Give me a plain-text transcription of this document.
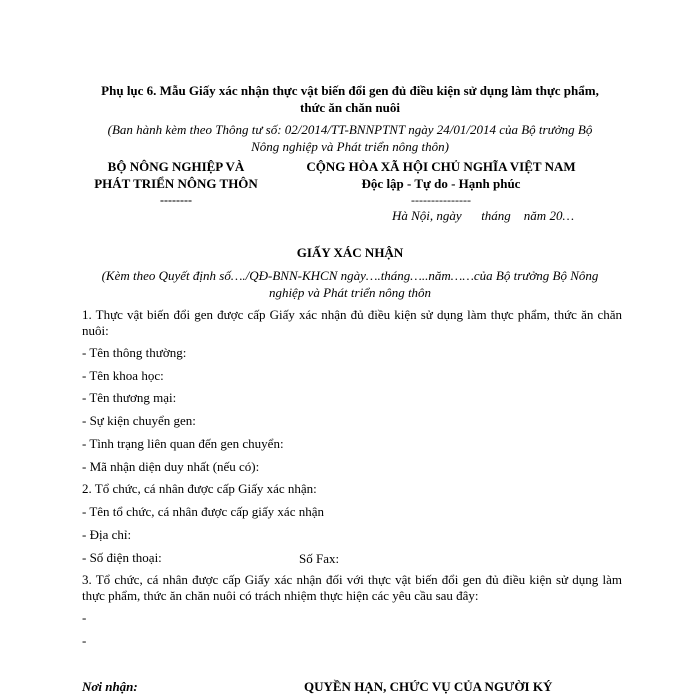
Phụ lục 6. Mẫu Giấy xác nhận thực vật biến đổi gen đủ điều kiện sử dụng làm thực phẩm,
thức ăn chăn nuôi
(Ban hành kèm theo Thông tư số: 02/2014/TT-BNNPTNT ngày 24/01/2014 của Bộ trưởng Bộ
Nông nghiệp và Phát triển nông thôn)
BỘ NÔNG NGHIỆP VÀ
PHÁT TRIỂN NÔNG THÔN
--------
CỘNG HÒA XÃ HỘI CHỦ NGHĨA VIỆT NAM
Độc lập - Tự do - Hạnh phúc
---------------
Hà Nội, ngày      tháng    năm 20…
GIẤY XÁC NHẬN
(Kèm theo Quyết định số…./QĐ-BNN-KHCN ngày….tháng…..năm……của Bộ trưởng Bộ Nông
nghiệp và Phát triển nông thôn
1. Thực vật biến đổi gen được cấp Giấy xác nhận đủ điều kiện sử dụng làm thực phẩm, thức ăn chăn nuôi:
- Tên thông thường:
- Tên khoa học:
- Tên thương mại:
- Sự kiện chuyển gen:
- Tình trạng liên quan đến gen chuyển:
- Mã nhận diện duy nhất (nếu có):
2. Tổ chức, cá nhân được cấp Giấy xác nhận:
- Tên tổ chức, cá nhân được cấp giấy xác nhận
- Địa chỉ:
- Số điện thoại:	Số Fax:
3. Tổ chức, cá nhân được cấp Giấy xác nhận đối với thực vật biến đổi gen đủ điều kiện sử dụng làm thực phẩm, thức ăn chăn nuôi có trách nhiệm thực hiện các yêu cầu sau đây:
-
-
Nơi nhận:	QUYỀN HẠN, CHỨC VỤ CỦA NGƯỜI KÝ
